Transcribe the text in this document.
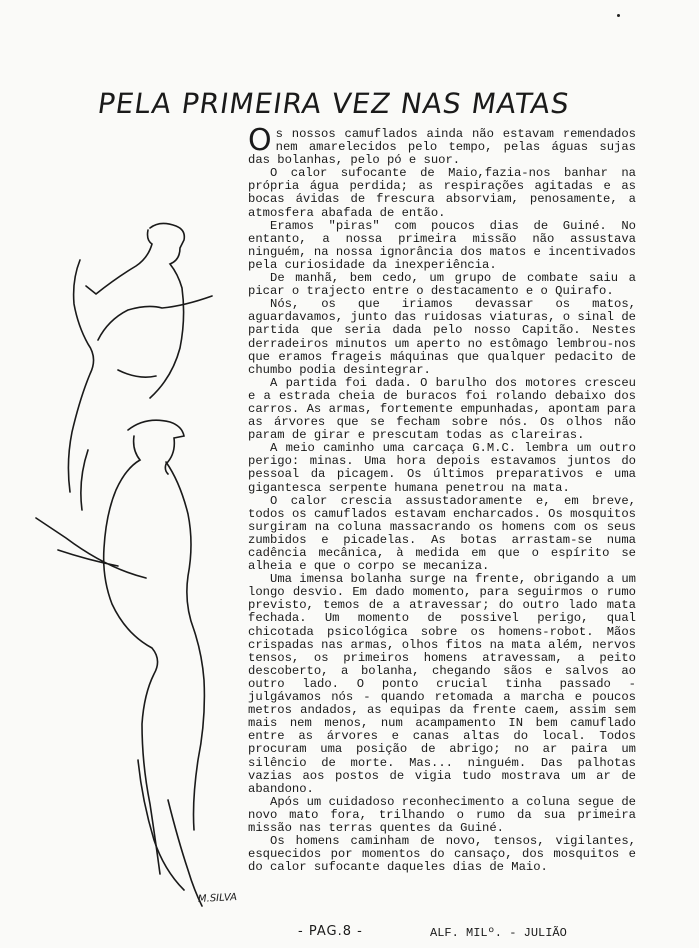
PELA PRIMEIRA VEZ NAS MATAS

Os nossos camuflados ainda não estavam remendados nem amarelecidos pelo tempo, pelas águas sujas das bolanhas, pelo pó e suor.

O calor sufocante de Maio,fazia-nos banhar na própria água perdida; as respirações agitadas e as bocas ávidas de frescura absorviam, penosamente, a atmosfera abafada de então.

Eramos "piras" com poucos dias de Guiné. No entanto, a nossa primeira missão não assustava ninguém, na nossa ignorância dos matos e incentivados pela curiosidade da inexperiência.

De manhã, bem cedo, um grupo de combate saiu a picar o trajecto entre o destacamento e o Quirafo.

Nós, os que iriamos devassar os matos, aguardavamos, junto das ruidosas viaturas, o sinal de partida que seria dada pelo nosso Capitão. Nestes derradeiros minutos um aperto no estômago lembrou-nos que eramos frageis máquinas que qualquer pedacito de chumbo podia desintegrar.

A partida foi dada. O barulho dos motores cresceu e a estrada cheia de buracos foi rolando debaixo dos carros. As armas, fortemente empunhadas, apontam para as árvores que se fecham sobre nós. Os olhos não param de girar e prescutam todas as clareiras.

A meio caminho uma carcaça G.M.C. lembra um outro perigo: minas. Uma hora depois estavamos juntos do pessoal da picagem. Os últimos preparativos e uma gigantesca serpente humana penetrou na mata.

O calor crescia assustadoramente e, em breve, todos os camuflados estavam encharcados. Os mosquitos surgiram na coluna massacrando os homens com os seus zumbidos e picadelas. As botas arrastam-se numa cadência mecânica, à medida em que o espírito se alheia e que o corpo se mecaniza.

Uma imensa bolanha surge na frente, obrigando a um longo desvio. Em dado momento, para seguirmos o rumo previsto, temos de a atravessar; do outro lado mata fechada. Um momento de possivel perigo, qual chicotada psicológica sobre os homens-robot. Mãos crispadas nas armas, olhos fitos na mata além, nervos tensos, os primeiros homens atravessam, a peito descoberto, a bolanha, chegando sãos e salvos ao outro lado. O ponto crucial tinha passado - julgávamos nós - quando retomada a marcha e poucos metros andados, as equipas da frente caem, assim sem mais nem menos, num acampamento IN bem camuflado entre as árvores e canas altas do local. Todos procuram uma posição de abrigo; no ar paira um silêncio de morte. Mas... ninguém. Das palhotas vazias aos postos de vigia tudo mostrava um ar de abandono.

Após um cuidadoso reconhecimento a coluna segue de novo mato fora, trilhando o rumo da sua primeira missão nas terras quentes da Guiné.

Os homens caminham de novo, tensos, vigilantes, esquecidos por momentos do cansaço, dos mosquitos e do calor sufocante daqueles dias de Maio.

M.SILVA
- PAG.8 -	ALF. MILº. - JULIÃO
